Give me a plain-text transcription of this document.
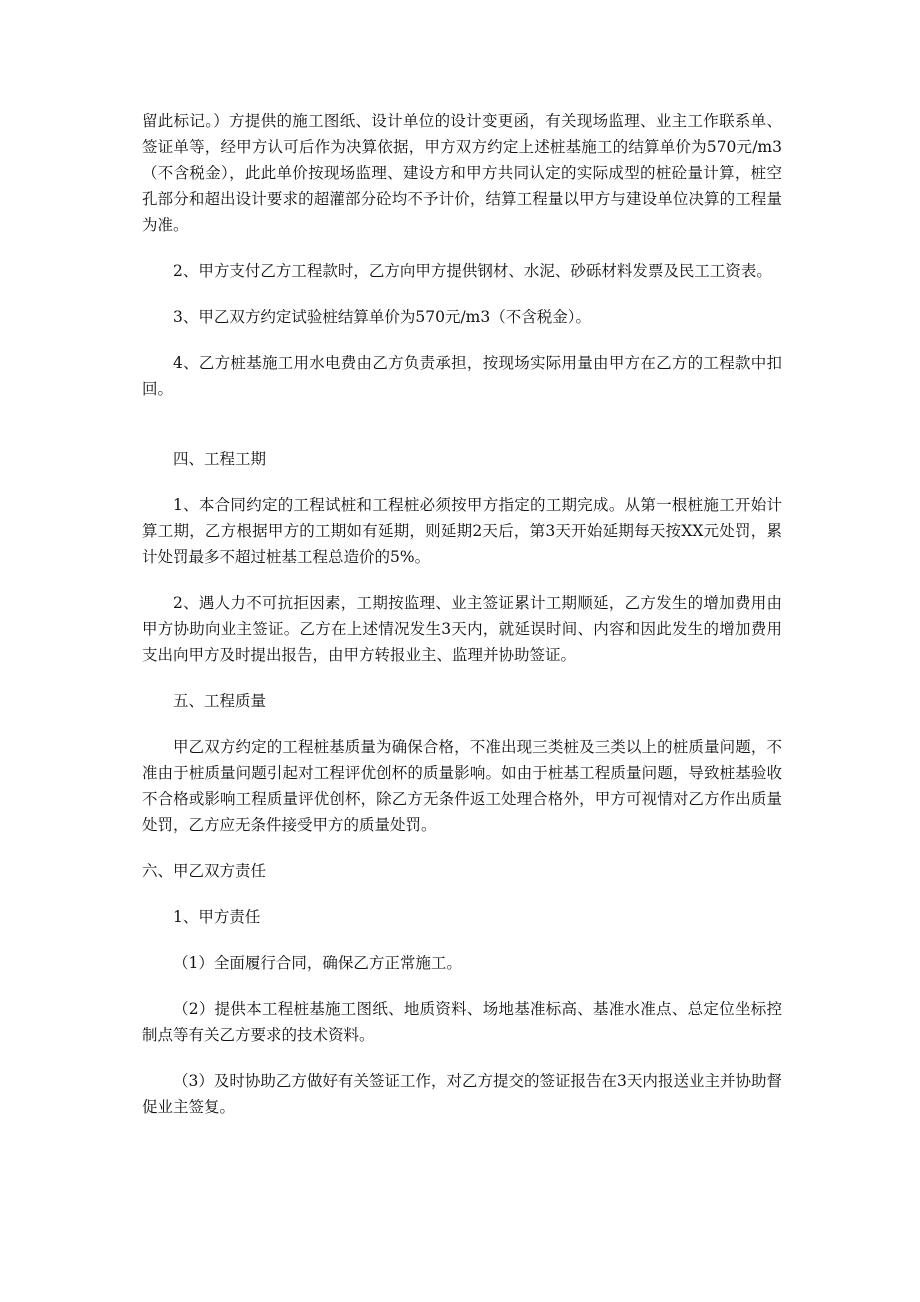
留此标记。）方提供的施工图纸、设计单位的设计变更函，有关现场监理、业主工作联系单、签证单等，经甲方认可后作为决算依据，甲方双方约定上述桩基施工的结算单价为570元/m3（不含税金），此此单价按现场监理、建设方和甲方共同认定的实际成型的桩砼量计算，桩空孔部分和超出设计要求的超灌部分砼均不予计价，结算工程量以甲方与建设单位决算的工程量为准。

2、甲方支付乙方工程款时，乙方向甲方提供钢材、水泥、砂砾材料发票及民工工资表。

3、甲乙双方约定试验桩结算单价为570元/m3（不含税金）。

4、乙方桩基施工用水电费由乙方负责承担，按现场实际用量由甲方在乙方的工程款中扣回。

四、工程工期

1、本合同约定的工程试桩和工程桩必须按甲方指定的工期完成。从第一根桩施工开始计算工期，乙方根据甲方的工期如有延期，则延期2天后，第3天开始延期每天按XX元处罚，累计处罚最多不超过桩基工程总造价的5%。

2、遇人力不可抗拒因素，工期按监理、业主签证累计工期顺延，乙方发生的增加费用由甲方协助向业主签证。乙方在上述情况发生3天内，就延误时间、内容和因此发生的增加费用支出向甲方及时提出报告，由甲方转报业主、监理并协助签证。

五、工程质量

甲乙双方约定的工程桩基质量为确保合格，不准出现三类桩及三类以上的桩质量问题，不准由于桩质量问题引起对工程评优创杯的质量影响。如由于桩基工程质量问题，导致桩基验收不合格或影响工程质量评优创杯，除乙方无条件返工处理合格外，甲方可视情对乙方作出质量处罚，乙方应无条件接受甲方的质量处罚。

六、甲乙双方责任

1、甲方责任

（1）全面履行合同，确保乙方正常施工。

（2）提供本工程桩基施工图纸、地质资料、场地基准标高、基准水准点、总定位坐标控制点等有关乙方要求的技术资料。

（3）及时协助乙方做好有关签证工作，对乙方提交的签证报告在3天内报送业主并协助督促业主签复。
